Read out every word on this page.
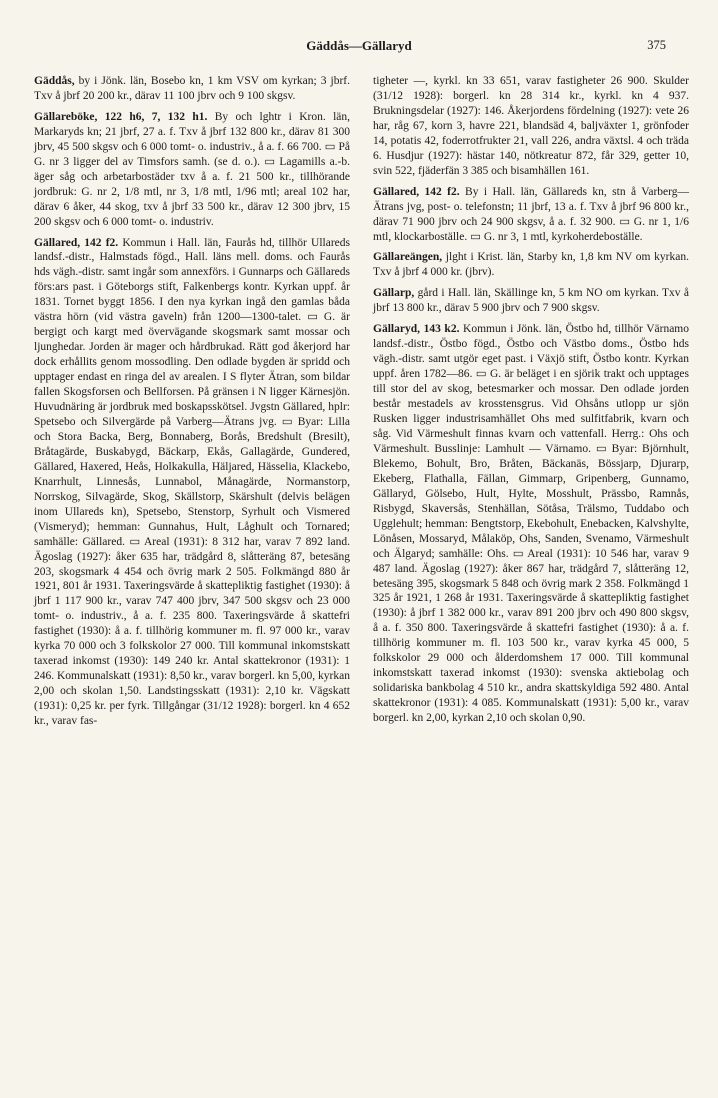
Gäddås—Gällaryd	375

Gäddås, by i Jönk. län, Bosebo kn, 1 km VSV om kyrkan; 3 jbrf. Txv å jbrf 20 200 kr., därav 11 100 jbrv och 9 100 skgsv.

Gällareböke, 122 h6, 7, 132 h1. By och lghtr i Kron. län, Markaryds kn; 21 jbrf, 27 a. f. Txv å jbrf 132 800 kr., därav 81 300 jbrv, 45 500 skgsv och 6 000 tomt- o. industriv., å a. f. 66 700. ▭ På G. nr 3 ligger del av Timsfors samh. (se d. o.). ▭ Lagamills a.-b. äger såg och arbetarbostäder txv å a. f. 21 500 kr., tillhörande jordbruk: G. nr 2, 1/8 mtl, nr 3, 1/8 mtl, 1/96 mtl; areal 102 har, därav 6 åker, 44 skog, txv å jbrf 33 500 kr., därav 12 300 jbrv, 15 200 skgsv och 6 000 tomt- o. industriv.

Gällared, 142 f2. Kommun i Hall. län, Faurås hd, tillhör Ullareds landsf.-distr., Halmstads fögd., Hall. läns mell. doms. och Faurås hds vägh.-distr. samt ingår som annexförs. i Gunnarps och Gällareds förs:ars past. i Göteborgs stift, Falkenbergs kontr. Kyrkan uppf. år 1831. Tornet byggt 1856. I den nya kyrkan ingå den gamlas båda västra hörn (vid västra gaveln) från 1200—1300-talet. ▭ G. är bergigt och kargt med övervägande skogsmark samt mossar och ljunghedar. Jorden är mager och hårdbrukad. Rätt god åkerjord har dock erhållits genom mossodling. Den odlade bygden är spridd och upptager endast en ringa del av arealen. I S flyter Ätran, som bildar fallen Skogsforsen och Bellforsen. På gränsen i N ligger Kärnesjön. Huvudnäring är jordbruk med boskapsskötsel. Jvgstn Gällared, hplr: Spetsebo och Silvergärde på Varberg—Ätrans jvg. ▭ Byar: Lilla och Stora Backa, Berg, Bonnaberg, Borås, Bredshult (Bresilt), Bråtagärde, Buskabygd, Bäckarp, Ekås, Gallagärde, Gundered, Gällared, Haxered, Heås, Holkakulla, Häljared, Hässelia, Klackebo, Knarrhult, Linnesås, Lunnabol, Månagärde, Normanstorp, Norrskog, Silvagärde, Skog, Skällstorp, Skärshult (delvis belägen inom Ullareds kn), Spetsebo, Stenstorp, Syrhult och Vismered (Vismeryd); hemman: Gunnahus, Hult, Låghult och Tornared; samhälle: Gällared. ▭ Areal (1931): 8 312 har, varav 7 892 land. Ägoslag (1927): åker 635 har, trädgård 8, slåtteräng 87, betesäng 203, skogsmark 4 454 och övrig mark 2 505. Folkmängd 880 år 1921, 801 år 1931. Taxeringsvärde å skattepliktig fastighet (1930): å jbrf 1 117 900 kr., varav 747 400 jbrv, 347 500 skgsv och 23 000 tomt- o. industriv., å a. f. 235 800. Taxeringsvärde å skattefri fastighet (1930): å a. f. tillhörig kommuner m. fl. 97 000 kr., varav kyrka 70 000 och 3 folkskolor 27 000. Till kommunal inkomstskatt taxerad inkomst (1930): 149 240 kr. Antal skattekronor (1931): 1 246. Kommunalskatt (1931): 8,50 kr., varav borgerl. kn 5,00, kyrkan 2,00 och skolan 1,50. Landstingsskatt (1931): 2,10 kr. Vägskatt (1931): 0,25 kr. per fyrk. Tillgångar (31/12 1928): borgerl. kn 4 652 kr., varav fas-

tigheter —, kyrkl. kn 33 651, varav fastigheter 26 900. Skulder (31/12 1928): borgerl. kn 28 314 kr., kyrkl. kn 4 937. Brukningsdelar (1927): 146. Åkerjordens fördelning (1927): vete 26 har, råg 67, korn 3, havre 221, blandsäd 4, baljväxter 1, grönfoder 14, potatis 42, foderrotfrukter 21, vall 226, andra växtsl. 4 och träda 6. Husdjur (1927): hästar 140, nötkreatur 872, får 329, getter 10, svin 522, fjäderfän 3 385 och bisamhällen 161.

Gällared, 142 f2. By i Hall. län, Gällareds kn, stn å Varberg—Ätrans jvg, post- o. telefonstn; 11 jbrf, 13 a. f. Txv å jbrf 96 800 kr., därav 71 900 jbrv och 24 900 skgsv, å a. f. 32 900. ▭ G. nr 1, 1/6 mtl, klockarboställe. ▭ G. nr 3, 1 mtl, kyrkoherdeboställe.

Gällareängen, jlght i Krist. län, Starby kn, 1,8 km NV om kyrkan. Txv å jbrf 4 000 kr. (jbrv).

Gällarp, gård i Hall. län, Skällinge kn, 5 km NO om kyrkan. Txv å jbrf 13 800 kr., därav 5 900 jbrv och 7 900 skgsv.

Gällaryd, 143 k2. Kommun i Jönk. län, Östbo hd, tillhör Värnamo landsf.-distr., Östbo fögd., Östbo och Västbo doms., Östbo hds vägh.-distr. samt utgör eget past. i Växjö stift, Östbo kontr. Kyrkan uppf. åren 1782—86. ▭ G. är beläget i en sjörik trakt och upptages till stor del av skog, betesmarker och mossar. Den odlade jorden består mestadels av krosstensgrus. Vid Ohsåns utlopp ur sjön Rusken ligger industrisamhället Ohs med sulfitfabrik, kvarn och såg. Vid Värmeshult finnas kvarn och vattenfall. Herrg.: Ohs och Värmeshult. Busslinje: Lamhult — Värnamo. ▭ Byar: Björnhult, Blekemo, Bohult, Bro, Bråten, Bäckanäs, Bössjarp, Djurarp, Ekeberg, Flathalla, Fällan, Gimmarp, Gripenberg, Gunnamo, Gällaryd, Gölsebo, Hult, Hylte, Mosshult, Prässbo, Ramnås, Risbygd, Skaversås, Stenhällan, Sötåsa, Trälsmo, Tuddabo och Ugglehult; hemman: Bengtstorp, Ekebohult, Enebacken, Kalvshylte, Lönåsen, Mossaryd, Målaköp, Ohs, Sanden, Svenamo, Värmeshult och Älgaryd; samhälle: Ohs. ▭ Areal (1931): 10 546 har, varav 9 487 land. Ägoslag (1927): åker 867 har, trädgård 7, slåtteräng 12, betesäng 395, skogsmark 5 848 och övrig mark 2 358. Folkmängd 1 325 år 1921, 1 268 år 1931. Taxeringsvärde å skattepliktig fastighet (1930): å jbrf 1 382 000 kr., varav 891 200 jbrv och 490 800 skgsv, å a. f. 350 800. Taxeringsvärde å skattefri fastighet (1930): å a. f. tillhörig kommuner m. fl. 103 500 kr., varav kyrka 45 000, 5 folkskolor 29 000 och ålderdomshem 17 000. Till kommunal inkomstskatt taxerad inkomst (1930): svenska aktiebolag och solidariska bankbolag 4 510 kr., andra skattskyldiga 592 480. Antal skattekronor (1931): 4 085. Kommunalskatt (1931): 5,00 kr., varav borgerl. kn 2,00, kyrkan 2,10 och skolan 0,90.
